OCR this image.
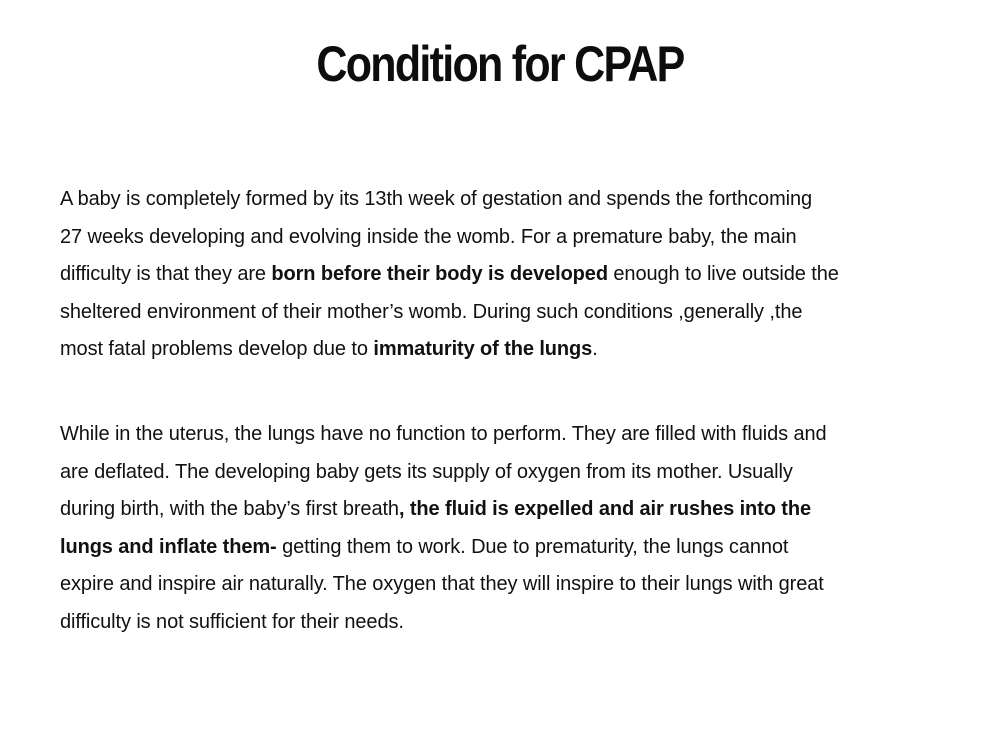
Condition for CPAP
A baby is completely formed by its 13th week of gestation and spends the forthcoming
27 weeks developing and evolving inside the womb. For a premature baby, the main
difficulty is that they are born before their body is developed enough to live outside the
sheltered environment of their mother’s womb. During such conditions ,generally ,the
most fatal problems develop due to immaturity of the lungs.
While in the uterus, the lungs have no function to perform. They are filled with fluids and
are deflated. The developing baby gets its supply of oxygen from its mother. Usually
during birth, with the baby’s first breath, the fluid is expelled and air rushes into the
lungs and inflate them- getting them to work. Due to prematurity, the lungs cannot
expire and inspire air naturally. The oxygen that they will inspire to their lungs with great
difficulty is not sufficient for their needs.
